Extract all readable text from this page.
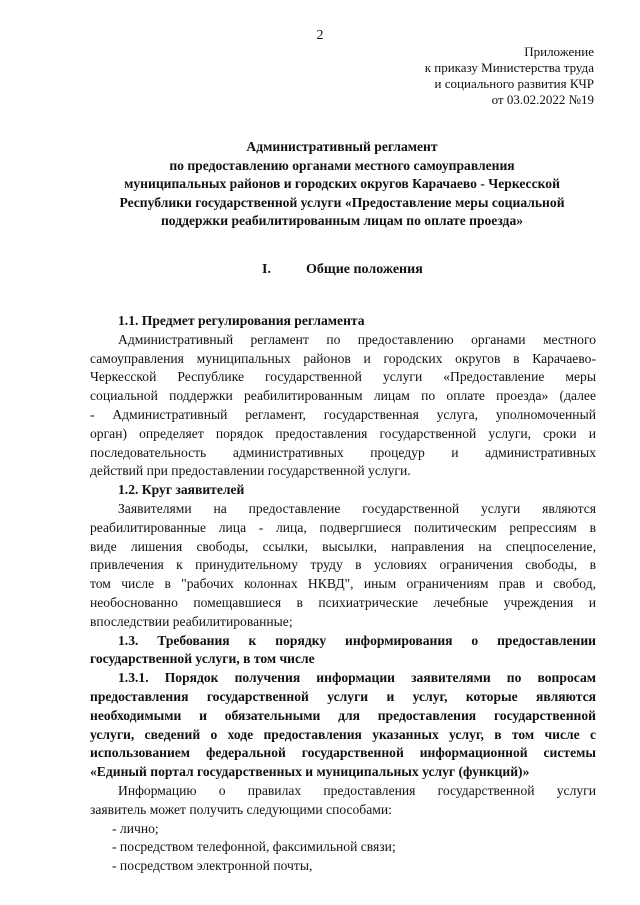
2
Приложение
к приказу Министерства труда
и социального развития КЧР
от 03.02.2022 №19
Административный регламент
по предоставлению органами местного самоуправления
муниципальных районов и городских округов Карачаево - Черкесской
Республики государственной услуги «Предоставление меры социальной
поддержки реабилитированным лицам по оплате проезда»
I.	Общие положения
1.1. Предмет регулирования регламента
Административный регламент по предоставлению органами местного
самоуправления муниципальных районов и городских округов в Карачаево-
Черкесской Республике государственной услуги «Предоставление меры
социальной поддержки реабилитированным лицам по оплате проезда» (далее
- Административный регламент, государственная услуга, уполномоченный
орган) определяет порядок предоставления государственной услуги, сроки и
последовательность административных процедур и административных
действий при предоставлении государственной услуги.
1.2. Круг заявителей
Заявителями на предоставление государственной услуги являются
реабилитированные лица - лица, подвергшиеся политическим репрессиям в
виде лишения свободы, ссылки, высылки, направления на спецпоселение,
привлечения к принудительному труду в условиях ограничения свободы, в
том числе в "рабочих колоннах НКВД", иным ограничениям прав и свобод,
необоснованно помещавшиеся в психиатрические лечебные учреждения и
впоследствии реабилитированные;
1.3. Требования к порядку информирования о предоставлении
государственной услуги, в том числе
1.3.1. Порядок получения информации заявителями по вопросам
предоставления государственной услуги и услуг, которые являются
необходимыми и обязательными для предоставления государственной
услуги, сведений о ходе предоставления указанных услуг, в том числе с
использованием федеральной государственной информационной системы
«Единый портал государственных и муниципальных услуг (функций)»
Информацию о правилах предоставления государственной услуги
заявитель может получить следующими способами:
- лично;
- посредством телефонной, факсимильной связи;
- посредством электронной почты,
